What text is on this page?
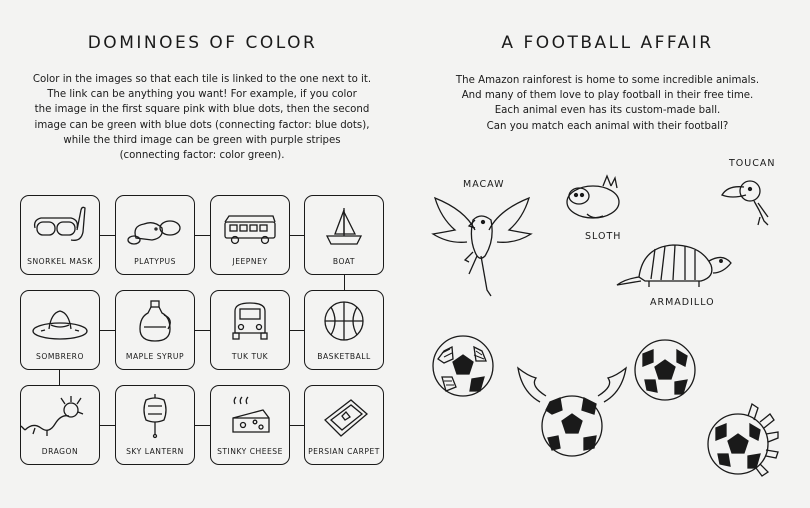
DOMINOES OF COLOR
Color in the images so that each tile is linked to the one next to it.
The link can be anything you want! For example, if you color
the image in the first square pink with blue dots, then the second
image can be green with blue dots (connecting factor: blue dots),
while the third image can be green with purple stripes
(connecting factor: color green).
SNORKEL MASK	PLATYPUS	JEEPNEY	BOAT
SOMBRERO	MAPLE SYRUP	TUK TUK	BASKETBALL
DRAGON	SKY LANTERN	STINKY CHEESE	PERSIAN CARPET
A FOOTBALL AFFAIR
The Amazon rainforest is home to some incredible animals.
And many of them love to play football in their free time.
Each animal even has its custom-made ball.
Can you match each animal with their football?
MACAW
SLOTH
TOUCAN
ARMADILLO
